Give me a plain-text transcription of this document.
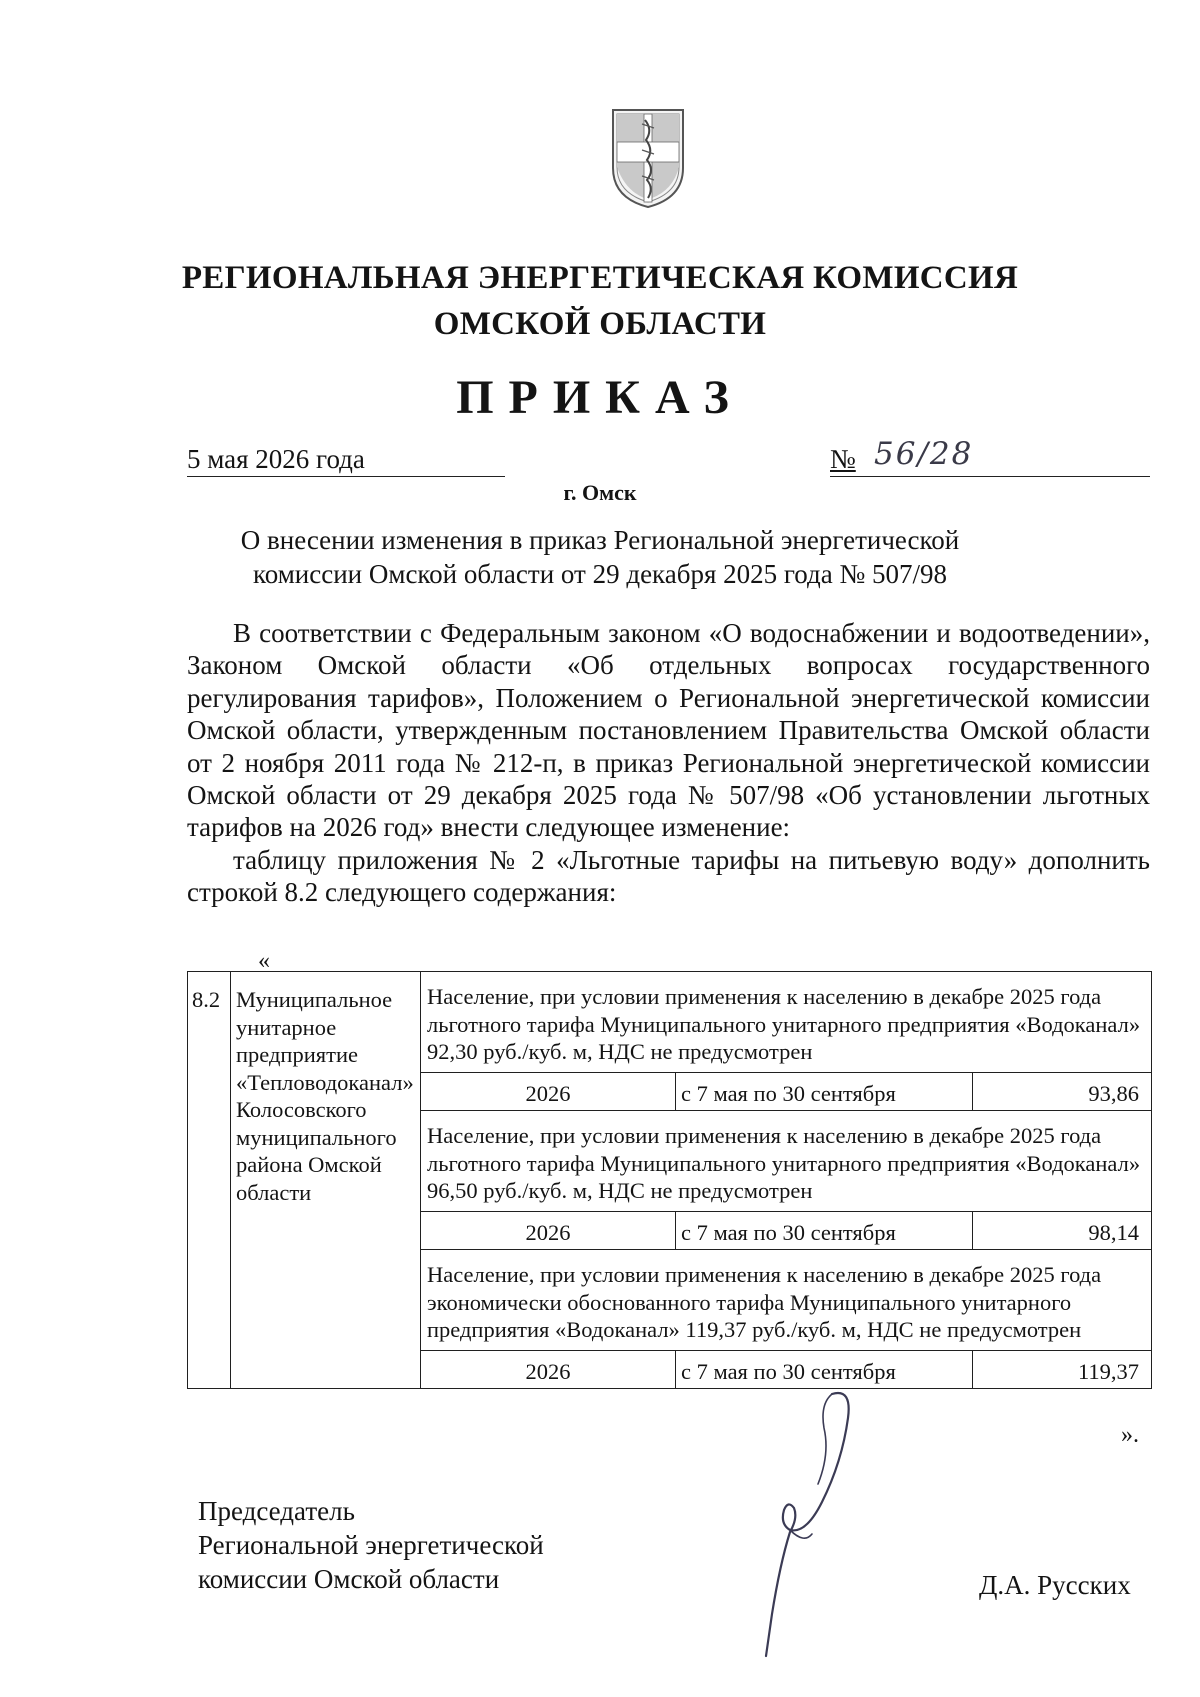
РЕГИОНАЛЬНАЯ ЭНЕРГЕТИЧЕСКАЯ КОМИССИЯ
ОМСКОЙ ОБЛАСТИ
ПРИКАЗ
5 мая 2026 года	№ 56/28
г. Омск
О внесении изменения в приказ Региональной энергетической
комиссии Омской области от 29 декабря 2025 года № 507/98

В соответствии с Федеральным законом «О водоснабжении и водоотведении», Законом Омской области «Об отдельных вопросах государственного регулирования тарифов», Положением о Региональной энергетической комиссии Омской области, утвержденным постановлением Правительства Омской области от 2 ноября 2011 года № 212-п, в приказ Региональной энергетической комиссии Омской области от 29 декабря 2025 года № 507/98 «Об установлении льготных тарифов на 2026 год» внести следующее изменение:

таблицу приложения № 2 «Льготные тарифы на питьевую воду» дополнить строкой 8.2 следующего содержания:

«
8.2	Муниципальное унитарное предприятие «Тепловодоканал» Колосовского муниципального района Омской области	Население, при условии применения к населению в декабре 2025 года льготного тарифа Муниципального унитарного предприятия «Водоканал» 92,30 руб./куб. м, НДС не предусмотрен		
		2026	с 7 мая по 30 сентября	93,86
		Население, при условии применения к населению в декабре 2025 года льготного тарифа Муниципального унитарного предприятия «Водоканал» 96,50 руб./куб. м, НДС не предусмотрен		
		2026	с 7 мая по 30 сентября	98,14
		Население, при условии применения к населению в декабре 2025 года экономически обоснованного тарифа Муниципального унитарного предприятия «Водоканал» 119,37 руб./куб. м, НДС не предусмотрен		
		2026	с 7 мая по 30 сентября	119,37
».
Председатель
Региональной энергетической
комиссии Омской области	Д.А. Русских
